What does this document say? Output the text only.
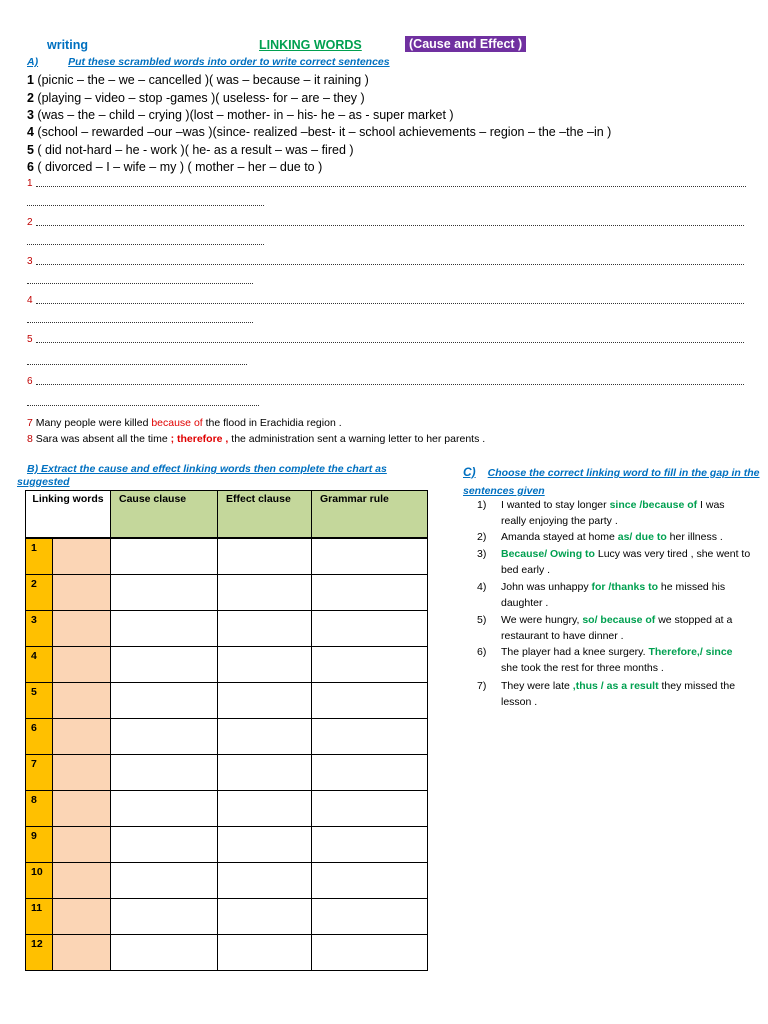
writing	LINKING WORDS	(Cause and Effect )
A)	Put these scrambled words into order to write correct sentences
1 (picnic – the – we – cancelled )( was – because – it raining )
2 (playing – video – stop -games )( useless- for – are – they )
3 (was – the – child – crying )(lost – mother- in – his- he – as - super market )
4 (school – rewarded –our –was )(since- realized –best- it – school achievements – region – the –the –in )
5 ( did not-hard – he - work )( he- as a result – was – fired )
6 ( divorced – I – wife – my ) ( mother – her – due to )
1
2
3
4
5
6
7 Many people were killed because of the flood in Erachidia region .
8 Sara was absent all the time ; therefore , the administration sent a warning letter to her parents .
B) Extract the cause and effect linking words then complete the chart as suggested
Linking words		Cause clause	Effect clause	Grammar rule
1				
2				
3				
4				
5				
6				
7				
8				
9				
10				
11				
12				
C) Choose the correct linking word to fill in the gap in the sentences given
1) I wanted to stay longer since /because of I was really enjoying the party .
2) Amanda stayed at home as/ due to her illness .
3) Because/ Owing to Lucy was very tired , she went to bed early .
4) John was unhappy for /thanks to he missed his daughter .
5) We were hungry, so/ because of we stopped at a restaurant to have dinner .
6) The player had a knee surgery. Therefore,/ since she took the rest for three months .
7) They were late ,thus / as a result they missed the lesson .
